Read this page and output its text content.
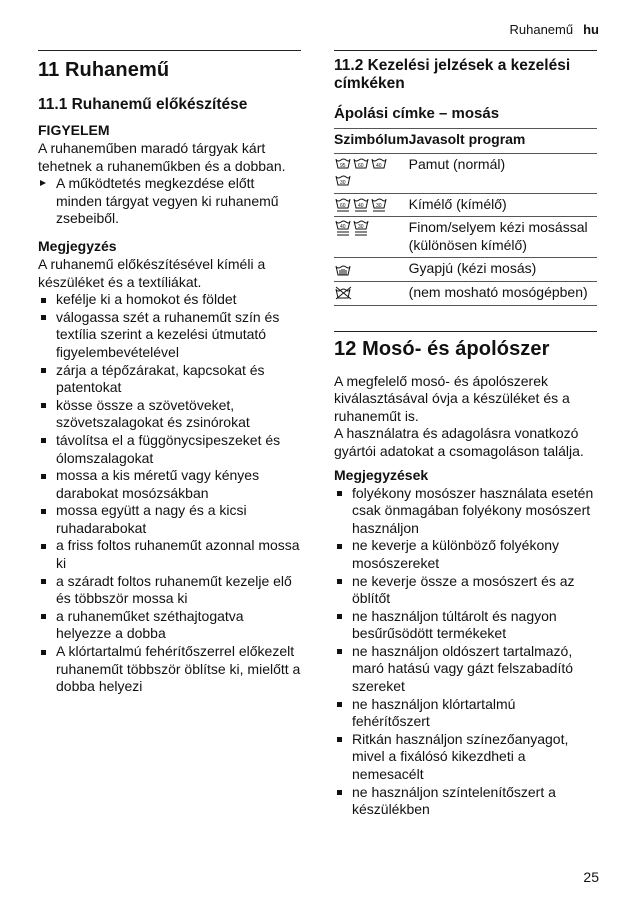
Ruhanemű hu
11 Ruhanemű
11.1 Ruhanemű előkészítése
FIGYELEM

A ruhaneműben maradó tárgyak kárt tehetnek a ruhaneműkben és a dobban.

A működtetés megkezdése előtt minden tárgyat vegyen ki ruhanemű zsebeiből.
Megjegyzés

A ruhanemű előkészítésével kíméli a készüléket és a textíliákat.

kefélje ki a homokot és földet
válogassa szét a ruhaneműt szín és textília szerint a kezelési útmutató figyelembevételével
zárja a tépőzárakat, kapcsokat és patentokat
kösse össze a szövetöveket, szövetszalagokat és zsinórokat
távolítsa el a függönycsipeszeket és ólomszalagokat
mossa a kis méretű vagy kényes darabokat mosózsákban
mossa együtt a nagy és a kicsi ruhadarabokat
a friss foltos ruhaneműt azonnal mossa ki
a száradt foltos ruhaneműt kezelje elő és többször mossa ki
a ruhaneműket széthajtogatva helyezze a dobba
A klórtartalmú fehérítőszerrel előkezelt ruhaneműt többször öblítse ki, mielőtt a dobba helyezi
11.2 Kezelési jelzések a kezelési címkéken
Ápolási címke – mosás
Szimbólum	Javasolt program

95 60 40
30	Pamut (normál)

60 40 30	Kímélő (kímélő)

40 30	Finom/selyem kézi mosással (különösen kímélő)
	Gyapjú (kézi mosás)
	(nem mosható mosógépben)
12 Mosó- és ápolószer

A megfelelő mosó- és ápolószerek kiválasztásával óvja a készüléket és a ruhaneműt is.

A használatra és adagolásra vonatkozó gyártói adatokat a csomagoláson találja.

Megjegyzések
folyékony mosószer használata esetén csak önmagában folyékony mosószert használjon
ne keverje a különböző folyékony mosószereket
ne keverje össze a mosószert és az öblítőt
ne használjon túltárolt és nagyon besűrűsödött termékeket
ne használjon oldószert tartalmazó, maró hatású vagy gázt felszabadító szereket
ne használjon klórtartalmú fehérítőszert
Ritkán használjon színezőanyagot, mivel a fixálósó kikezdheti a nemesacélt
ne használjon színtelenítőszert a készülékben
25
